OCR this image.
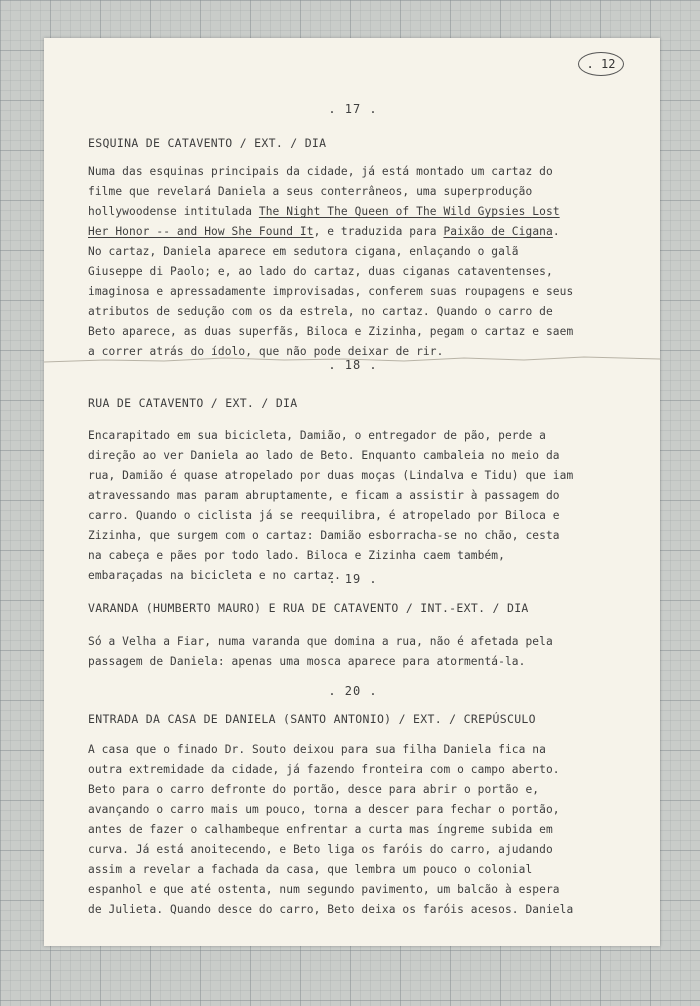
. 12
. 17 .
ESQUINA DE CATAVENTO / EXT. / DIA
Numa das esquinas principais da cidade, já está montado um cartaz do
filme que revelará Daniela a seus conterrâneos, uma superprodução
hollywoodense intitulada The Night The Queen of The Wild Gypsies Lost
Her Honor -- and How She Found It, e traduzida para Paixão de Cigana.
No cartaz, Daniela aparece em sedutora cigana, enlaçando o galã
Giuseppe di Paolo; e, ao lado do cartaz, duas ciganas cataventenses,
imaginosa e apressadamente improvisadas, conferem suas roupagens e seus
atributos de sedução com os da estrela, no cartaz. Quando o carro de
Beto aparece, as duas superfãs, Biloca e Zizinha, pegam o cartaz e saem
a correr atrás do ídolo, que não pode deixar de rir.
. 18 .
RUA DE CATAVENTO / EXT. / DIA
Encarapitado em sua bicicleta, Damião, o entregador de pão, perde a
direção ao ver Daniela ao lado de Beto. Enquanto cambaleia no meio da
rua, Damião é quase atropelado por duas moças (Lindalva e Tidu) que iam
atravessando mas param abruptamente, e ficam a assistir à passagem do
carro. Quando o ciclista já se reequilibra, é atropelado por Biloca e
Zizinha, que surgem com o cartaz: Damião esborracha-se no chão, cesta
na cabeça e pães por todo lado. Biloca e Zizinha caem também,
embaraçadas na bicicleta e no cartaz.
. 19 .
VARANDA (HUMBERTO MAURO) E RUA DE CATAVENTO / INT.-EXT. / DIA
Só a Velha a Fiar, numa varanda que domina a rua, não é afetada pela
passagem de Daniela: apenas uma mosca aparece para atormentá-la.
. 20 .
ENTRADA DA CASA DE DANIELA (SANTO ANTONIO) / EXT. / CREPÚSCULO
A casa que o finado Dr. Souto deixou para sua filha Daniela fica na
outra extremidade da cidade, já fazendo fronteira com o campo aberto.
Beto para o carro defronte do portão, desce para abrir o portão e,
avançando o carro mais um pouco, torna a descer para fechar o portão,
antes de fazer o calhambeque enfrentar a curta mas íngreme subida em
curva. Já está anoitecendo, e Beto liga os faróis do carro, ajudando
assim a revelar a fachada da casa, que lembra um pouco o colonial
espanhol e que até ostenta, num segundo pavimento, um balcão à espera
de Julieta. Quando desce do carro, Beto deixa os faróis acesos. Daniela
